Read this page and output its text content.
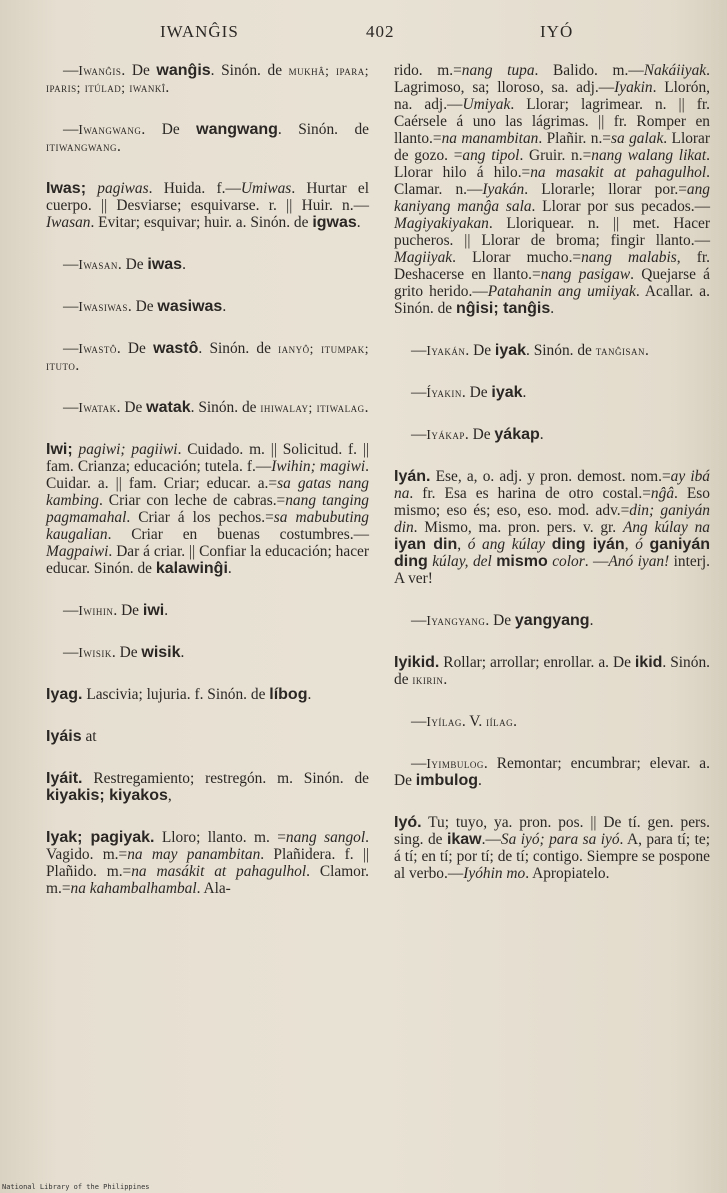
IWANĜIS	402	IYÓ

—Iwanĝis. De wanĝis. Sinón. de mukhâ; ipara; iparis; itúlad; iwankî.

—Iwangwang. De wangwang. Sinón. de itiwangwang.

Iwas; pagiwas. Huida. f.—Umiwas. Hurtar el cuerpo. || Desviarse; esquivarse. r. || Huir. n.—Iwasan. Evitar; esquivar; huir. a. Sinón. de igwas.

—Iwasan. De iwas.

—Iwasiwas. De wasiwas.

—Iwastô. De wastô. Sinón. de ianyô; itumpak; ituto.

—Iwatak. De watak. Sinón. de ihiwalay; itiwalag.

Iwi; pagiwi; pagiiwi. Cuidado. m. || Solicitud. f. || fam. Crianza; educación; tutela. f.—Iwihin; magiwi. Cuidar. a. || fam. Criar; educar. a.=sa gatas nang kambing. Criar con leche de cabras.=nang tanging pagmamahal. Criar á los pechos.=sa mabubuting kaugalian. Criar en buenas costumbres.—Magpaiwi. Dar á criar. || Confiar la educación; hacer educar. Sinón. de kalawinĝi.

—Iwihin. De iwi.

—Iwisik. De wisik.

Iyag. Lascivia; lujuria. f. Sinón. de líbog.

Iyáis at

Iyáit. Restregamiento; restregón. m. Sinón. de kiyakis; kiyakos,

Iyak; pagiyak. Lloro; llanto. m. =nang sangol. Vagido. m.=na may panambitan. Plañidera. f. || Plañido. m.=na masákit at pahagulhol. Clamor. m.=na kahambalhambal. Ala-

rido. m.=nang tupa. Balido. m.—Nakáiiyak. Lagrimoso, sa; lloroso, sa. adj.—Iyakin. Llorón, na. adj.—Umiyak. Llorar; lagrimear. n. || fr. Caérsele á uno las lágrimas. || fr. Romper en llanto.=na manambitan. Plañir. n.=sa galak. Llorar de gozo. =ang tipol. Gruir. n.=nang walang likat. Llorar hilo á hilo.=na masakit at pahagulhol. Clamar. n.—Iyakán. Llorarle; llorar por.=ang kaniyang manĝa sala. Llorar por sus pecados.—Magiyakiyakan. Lloriquear. n. || met. Hacer pucheros. || Llorar de broma; fingir llanto.—Magiiyak. Llorar mucho.=nang malabis, fr. Deshacerse en llanto.=nang pasigaw. Quejarse á grito herido.—Patahanin ang umiiyak. Acallar. a. Sinón. de nĝisi; tanĝis.

—Iyakán. De iyak. Sinón. de tanĝisan.

—Íyakin. De iyak.

—Iyákap. De yákap.

Iyán. Ese, a, o. adj. y pron. demost. nom.=ay ibá na. fr. Esa es harina de otro costal.=nĝâ. Eso mismo; eso és; eso, eso. mod. adv.=din; ganiyán din. Mismo, ma. pron. pers. v. gr. Ang kúlay na iyan din, ó ang kúlay ding iyán, ó ganiyán ding kúlay, del mismo color. —Anó iyan! interj. A ver!

—Iyangyang. De yangyang.

Iyikid. Rollar; arrollar; enrollar. a. De ikid. Sinón. de ikirin.

—Iyílag. V. iílag.

—Iyimbulog. Remontar; encumbrar; elevar. a. De imbulog.

Iyó. Tu; tuyo, ya. pron. pos. || De tí. gen. pers. sing. de ikaw.—Sa iyó; para sa iyó. A, para tí; te; á tí; en tí; por tí; de tí; contigo. Siempre se pospone al verbo.—Iyóhin mo. Apropiatelo.

National Library of the Philippines
